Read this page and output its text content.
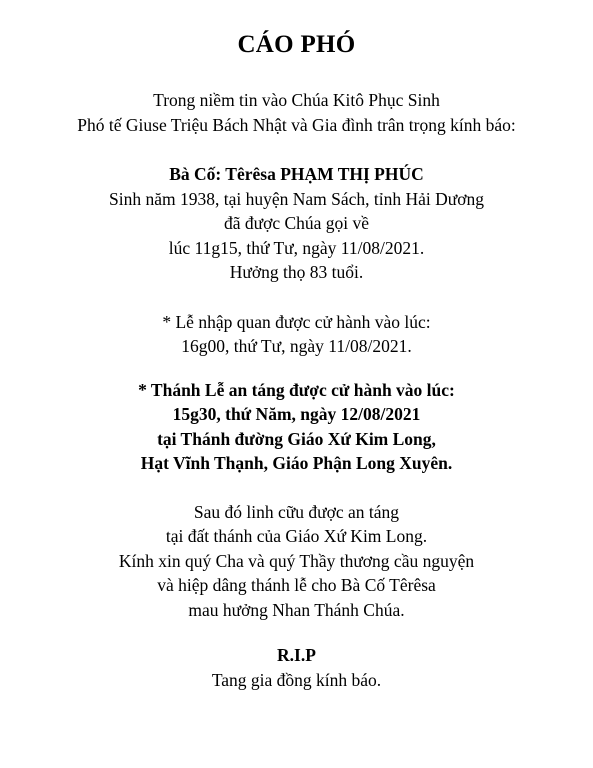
CÁO PHÓ

Trong niềm tin vào Chúa Kitô Phục Sinh

Phó tế Giuse Triệu Bách Nhật và Gia đình trân trọng kính báo:

Bà Cố: Têrêsa PHẠM THỊ PHÚC

Sinh năm 1938, tại huyện Nam Sách, tỉnh Hải Dương

đã được Chúa gọi về

lúc 11g15, thứ Tư, ngày 11/08/2021.

Hưởng thọ 83 tuổi.

* Lễ nhập quan được cử hành vào lúc:

16g00, thứ Tư, ngày 11/08/2021.

* Thánh Lễ an táng được cử hành vào lúc:

15g30, thứ Năm, ngày 12/08/2021

tại Thánh đường Giáo Xứ Kim Long,

Hạt Vĩnh Thạnh, Giáo Phận Long Xuyên.

Sau đó linh cữu được an táng

tại đất thánh của Giáo Xứ Kim Long.

Kính xin quý Cha và quý Thầy thương cầu nguyện

và hiệp dâng thánh lễ cho Bà Cố Têrêsa

mau hưởng Nhan Thánh Chúa.

R.I.P

Tang gia đồng kính báo.
